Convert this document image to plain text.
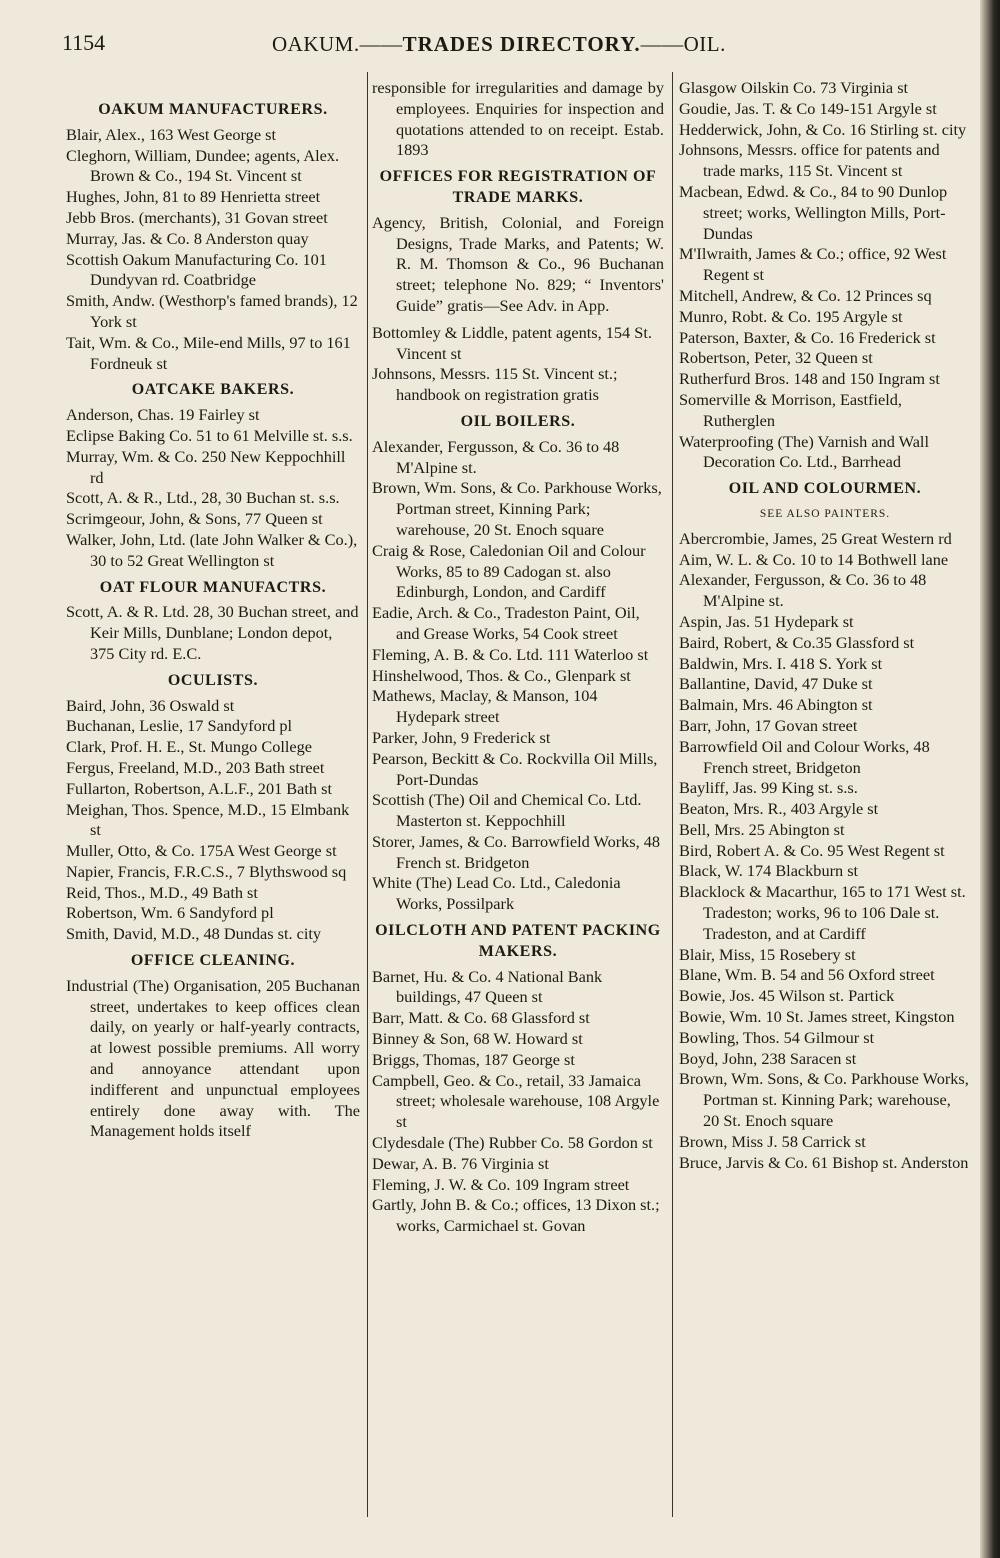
1154	OAKUM.——TRADES DIRECTORY.——OIL.
OAKUM MANUFACTURERS.

Blair, Alex., 163 West George st

Cleghorn, William, Dundee; agents, Alex. Brown & Co., 194 St. Vincent st

Hughes, John, 81 to 89 Henrietta street

Jebb Bros. (merchants), 31 Govan street

Murray, Jas. & Co. 8 Anderston quay

Scottish Oakum Manufacturing Co. 101 Dundyvan rd. Coatbridge

Smith, Andw. (Westhorp's famed brands), 12 York st

Tait, Wm. & Co., Mile-end Mills, 97 to 161 Fordneuk st

OATCAKE BAKERS.

Anderson, Chas. 19 Fairley st

Eclipse Baking Co. 51 to 61 Melville st. s.s.

Murray, Wm. & Co. 250 New Keppochhill rd

Scott, A. & R., Ltd., 28, 30 Buchan st. s.s.

Scrimgeour, John, & Sons, 77 Queen st

Walker, John, Ltd. (late John Walker & Co.), 30 to 52 Great Wellington st

OAT FLOUR MANUFACTRS.

Scott, A. & R. Ltd. 28, 30 Buchan street, and Keir Mills, Dunblane; London depot, 375 City rd. E.C.

OCULISTS.

Baird, John, 36 Oswald st

Buchanan, Leslie, 17 Sandyford pl

Clark, Prof. H. E., St. Mungo College

Fergus, Freeland, M.D., 203 Bath street

Fullarton, Robertson, A.L.F., 201 Bath st

Meighan, Thos. Spence, M.D., 15 Elmbank st

Muller, Otto, & Co. 175A West George st

Napier, Francis, F.R.C.S., 7 Blythswood sq

Reid, Thos., M.D., 49 Bath st

Robertson, Wm. 6 Sandyford pl

Smith, David, M.D., 48 Dundas st. city

OFFICE CLEANING.

Industrial (The) Organisation, 205 Buchanan street, undertakes to keep offices clean daily, on yearly or half-yearly contracts, at lowest possible premiums. All worry and annoyance attendant upon indifferent and unpunctual employees entirely done away with. The Management holds itself

responsible for irregularities and damage by employees. Enquiries for inspection and quotations attended to on receipt. Estab. 1893

OFFICES FOR REGISTRATION OF TRADE MARKS.

Agency, British, Colonial, and Foreign Designs, Trade Marks, and Patents; W. R. M. Thomson & Co., 96 Buchanan street; telephone No. 829; “ Inventors' Guide” gratis—See Adv. in App.

Bottomley & Liddle, patent agents, 154 St. Vincent st

Johnsons, Messrs. 115 St. Vincent st.; handbook on registration gratis

OIL BOILERS.

Alexander, Fergusson, & Co. 36 to 48 M'Alpine st.

Brown, Wm. Sons, & Co. Parkhouse Works, Portman street, Kinning Park; warehouse, 20 St. Enoch square

Craig & Rose, Caledonian Oil and Colour Works, 85 to 89 Cadogan st. also Edinburgh, London, and Cardiff

Eadie, Arch. & Co., Tradeston Paint, Oil, and Grease Works, 54 Cook street

Fleming, A. B. & Co. Ltd. 111 Waterloo st

Hinshelwood, Thos. & Co., Glenpark st

Mathews, Maclay, & Manson, 104 Hydepark street

Parker, John, 9 Frederick st

Pearson, Beckitt & Co. Rockvilla Oil Mills, Port-Dundas

Scottish (The) Oil and Chemical Co. Ltd. Masterton st. Keppochhill

Storer, James, & Co. Barrowfield Works, 48 French st. Bridgeton

White (The) Lead Co. Ltd., Caledonia Works, Possilpark

OILCLOTH AND PATENT PACKING MAKERS.

Barnet, Hu. & Co. 4 National Bank buildings, 47 Queen st

Barr, Matt. & Co. 68 Glassford st

Binney & Son, 68 W. Howard st

Briggs, Thomas, 187 George st

Campbell, Geo. & Co., retail, 33 Jamaica street; wholesale warehouse, 108 Argyle st

Clydesdale (The) Rubber Co. 58 Gordon st

Dewar, A. B. 76 Virginia st

Fleming, J. W. & Co. 109 Ingram street

Gartly, John B. & Co.; offices, 13 Dixon st.; works, Carmichael st. Govan

Glasgow Oilskin Co. 73 Virginia st

Goudie, Jas. T. & Co 149-151 Argyle st

Hedderwick, John, & Co. 16 Stirling st. city

Johnsons, Messrs. office for patents and trade marks, 115 St. Vincent st

Macbean, Edwd. & Co., 84 to 90 Dunlop street; works, Wellington Mills, Port-Dundas

M'Ilwraith, James & Co.; office, 92 West Regent st

Mitchell, Andrew, & Co. 12 Princes sq

Munro, Robt. & Co. 195 Argyle st

Paterson, Baxter, & Co. 16 Frederick st

Robertson, Peter, 32 Queen st

Rutherfurd Bros. 148 and 150 Ingram st

Somerville & Morrison, Eastfield, Rutherglen

Waterproofing (The) Varnish and Wall Decoration Co. Ltd., Barrhead

OIL AND COLOURMEN.
SEE ALSO PAINTERS.

Abercrombie, James, 25 Great Western rd

Aim, W. L. & Co. 10 to 14 Bothwell lane

Alexander, Fergusson, & Co. 36 to 48 M'Alpine st.

Aspin, Jas. 51 Hydepark st

Baird, Robert, & Co.35 Glassford st

Baldwin, Mrs. I. 418 S. York st

Ballantine, David, 47 Duke st

Balmain, Mrs. 46 Abington st

Barr, John, 17 Govan street

Barrowfield Oil and Colour Works, 48 French street, Bridgeton

Bayliff, Jas. 99 King st. s.s.

Beaton, Mrs. R., 403 Argyle st

Bell, Mrs. 25 Abington st

Bird, Robert A. & Co. 95 West Regent st

Black, W. 174 Blackburn st

Blacklock & Macarthur, 165 to 171 West st. Tradeston; works, 96 to 106 Dale st. Tradeston, and at Cardiff

Blair, Miss, 15 Rosebery st

Blane, Wm. B. 54 and 56 Oxford street

Bowie, Jos. 45 Wilson st. Partick

Bowie, Wm. 10 St. James street, Kingston

Bowling, Thos. 54 Gilmour st

Boyd, John, 238 Saracen st

Brown, Wm. Sons, & Co. Parkhouse Works, Portman st. Kinning Park; warehouse, 20 St. Enoch square

Brown, Miss J. 58 Carrick st

Bruce, Jarvis & Co. 61 Bishop st. Anderston
